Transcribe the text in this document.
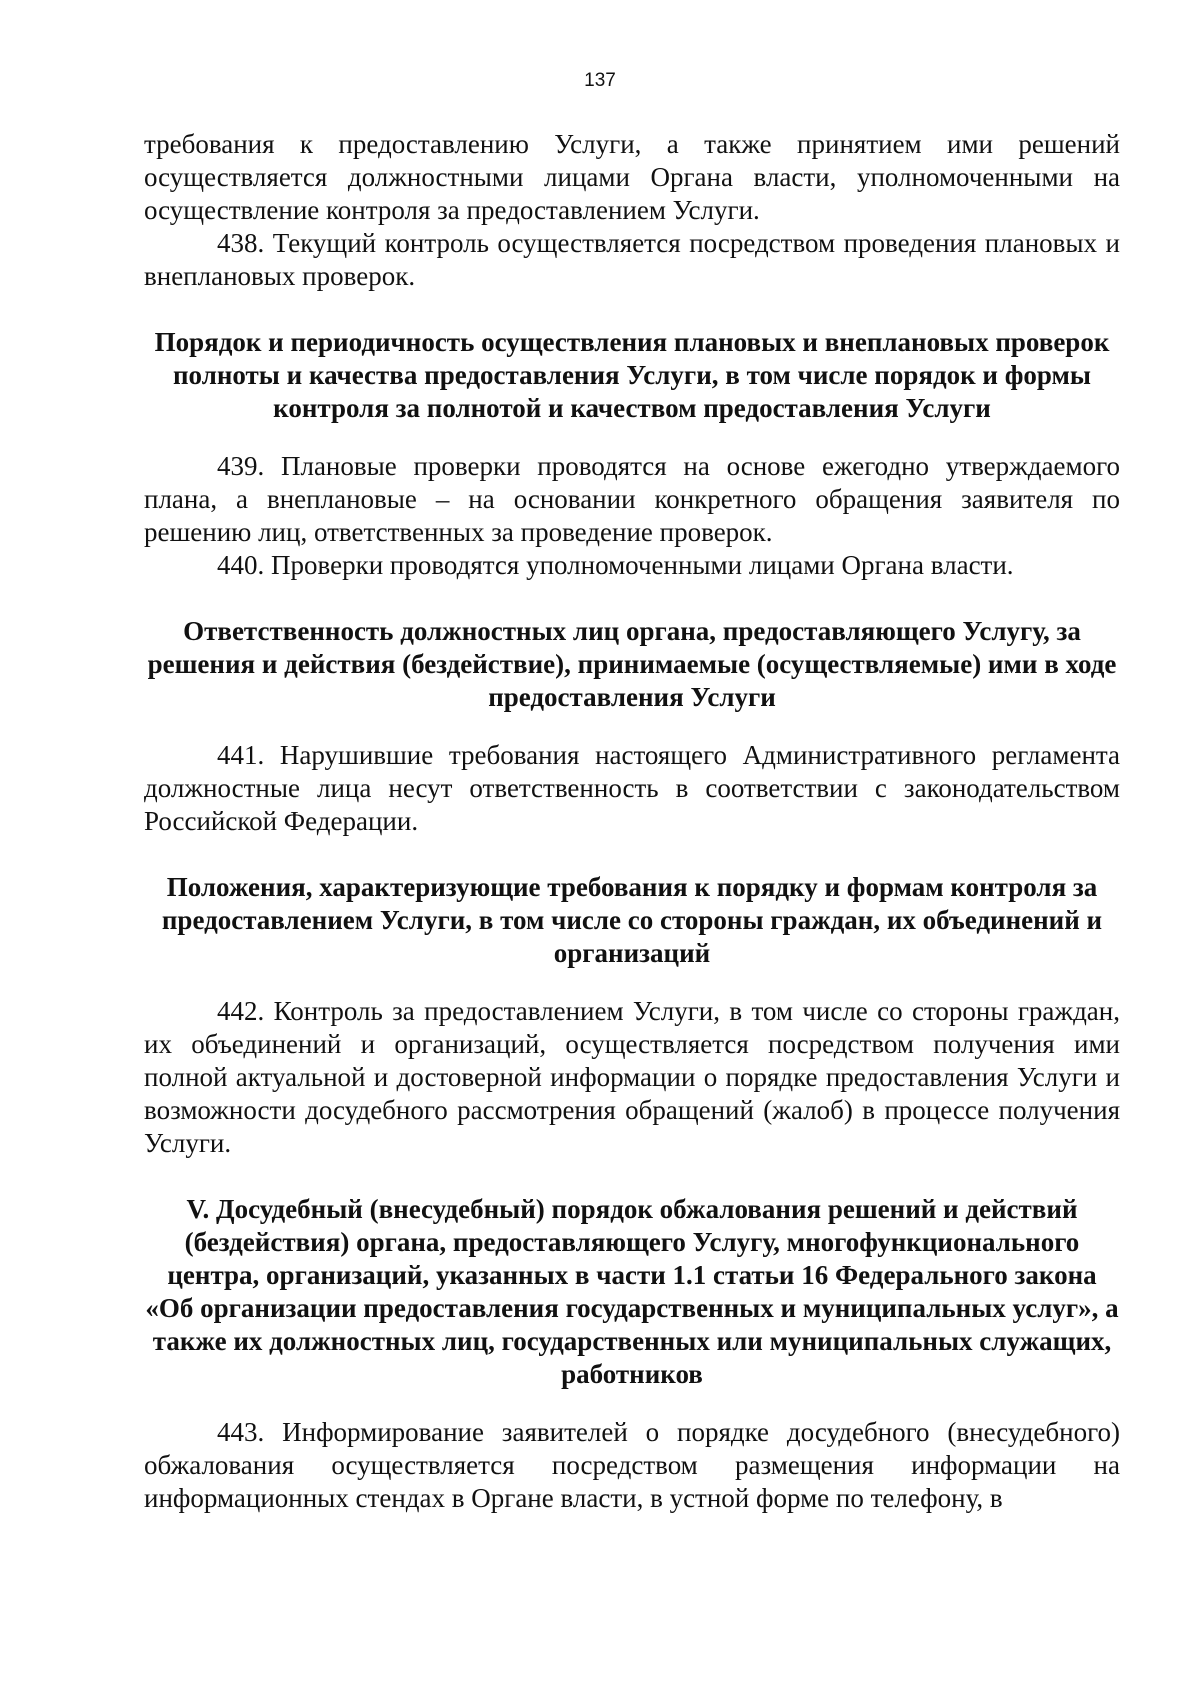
137

требования к предоставлению Услуги, а также принятием ими решений осуществляется должностными лицами Органа власти, уполномоченными на осуществление контроля за предоставлением Услуги.

438. Текущий контроль осуществляется посредством проведения плановых и внеплановых проверок.

Порядок и периодичность осуществления плановых и внеплановых проверок полноты и качества предоставления Услуги, в том числе порядок и формы контроля за полнотой и качеством предоставления Услуги

439. Плановые проверки проводятся на основе ежегодно утверждаемого плана, а внеплановые – на основании конкретного обращения заявителя по решению лиц, ответственных за проведение проверок.

440. Проверки проводятся уполномоченными лицами Органа власти.

Ответственность должностных лиц органа, предоставляющего Услугу, за решения и действия (бездействие), принимаемые (осуществляемые) ими в ходе предоставления Услуги

441. Нарушившие требования настоящего Административного регламента должностные лица несут ответственность в соответствии с законодательством Российской Федерации.

Положения, характеризующие требования к порядку и формам контроля за предоставлением Услуги, в том числе со стороны граждан, их объединений и организаций

442. Контроль за предоставлением Услуги, в том числе со стороны граждан, их объединений и организаций, осуществляется посредством получения ими полной актуальной и достоверной информации о порядке предоставления Услуги и возможности досудебного рассмотрения обращений (жалоб) в процессе получения Услуги.

V. Досудебный (внесудебный) порядок обжалования решений и действий (бездействия) органа, предоставляющего Услугу, многофункционального центра, организаций, указанных в части 1.1 статьи 16 Федерального закона «Об организации предоставления государственных и муниципальных услуг», а также их должностных лиц, государственных или муниципальных служащих, работников

443. Информирование заявителей о порядке досудебного (внесудебного) обжалования осуществляется посредством размещения информации на информационных стендах в Органе власти, в устной форме по телефону, в
